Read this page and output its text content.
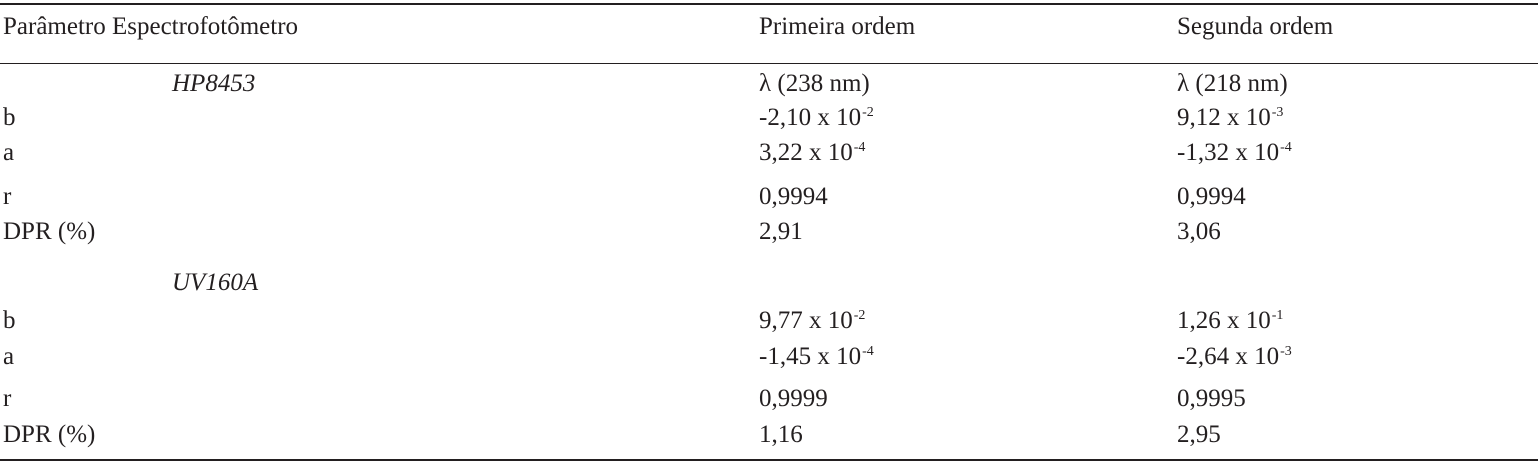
Parâmetro Espectrofotômetro	Primeira ordem	Segunda ordem
HP8453	λ (238 nm)	λ (218 nm)
b	-2,10 x $10^{-2}$	9,12 x $10^{-3}$
a	3,22 x $10^{-4}$	-1,32 x $10^{-4}$
r	0,9994	0,9994
DPR (%)	2,91	3,06
UV160A
b	9,77 x $10^{-2}$	1,26 x $10^{-1}$
a	-1,45 x $10^{-4}$	-2,64 x $10^{-3}$
r	0,9999	0,9995
DPR (%)	1,16	2,95
